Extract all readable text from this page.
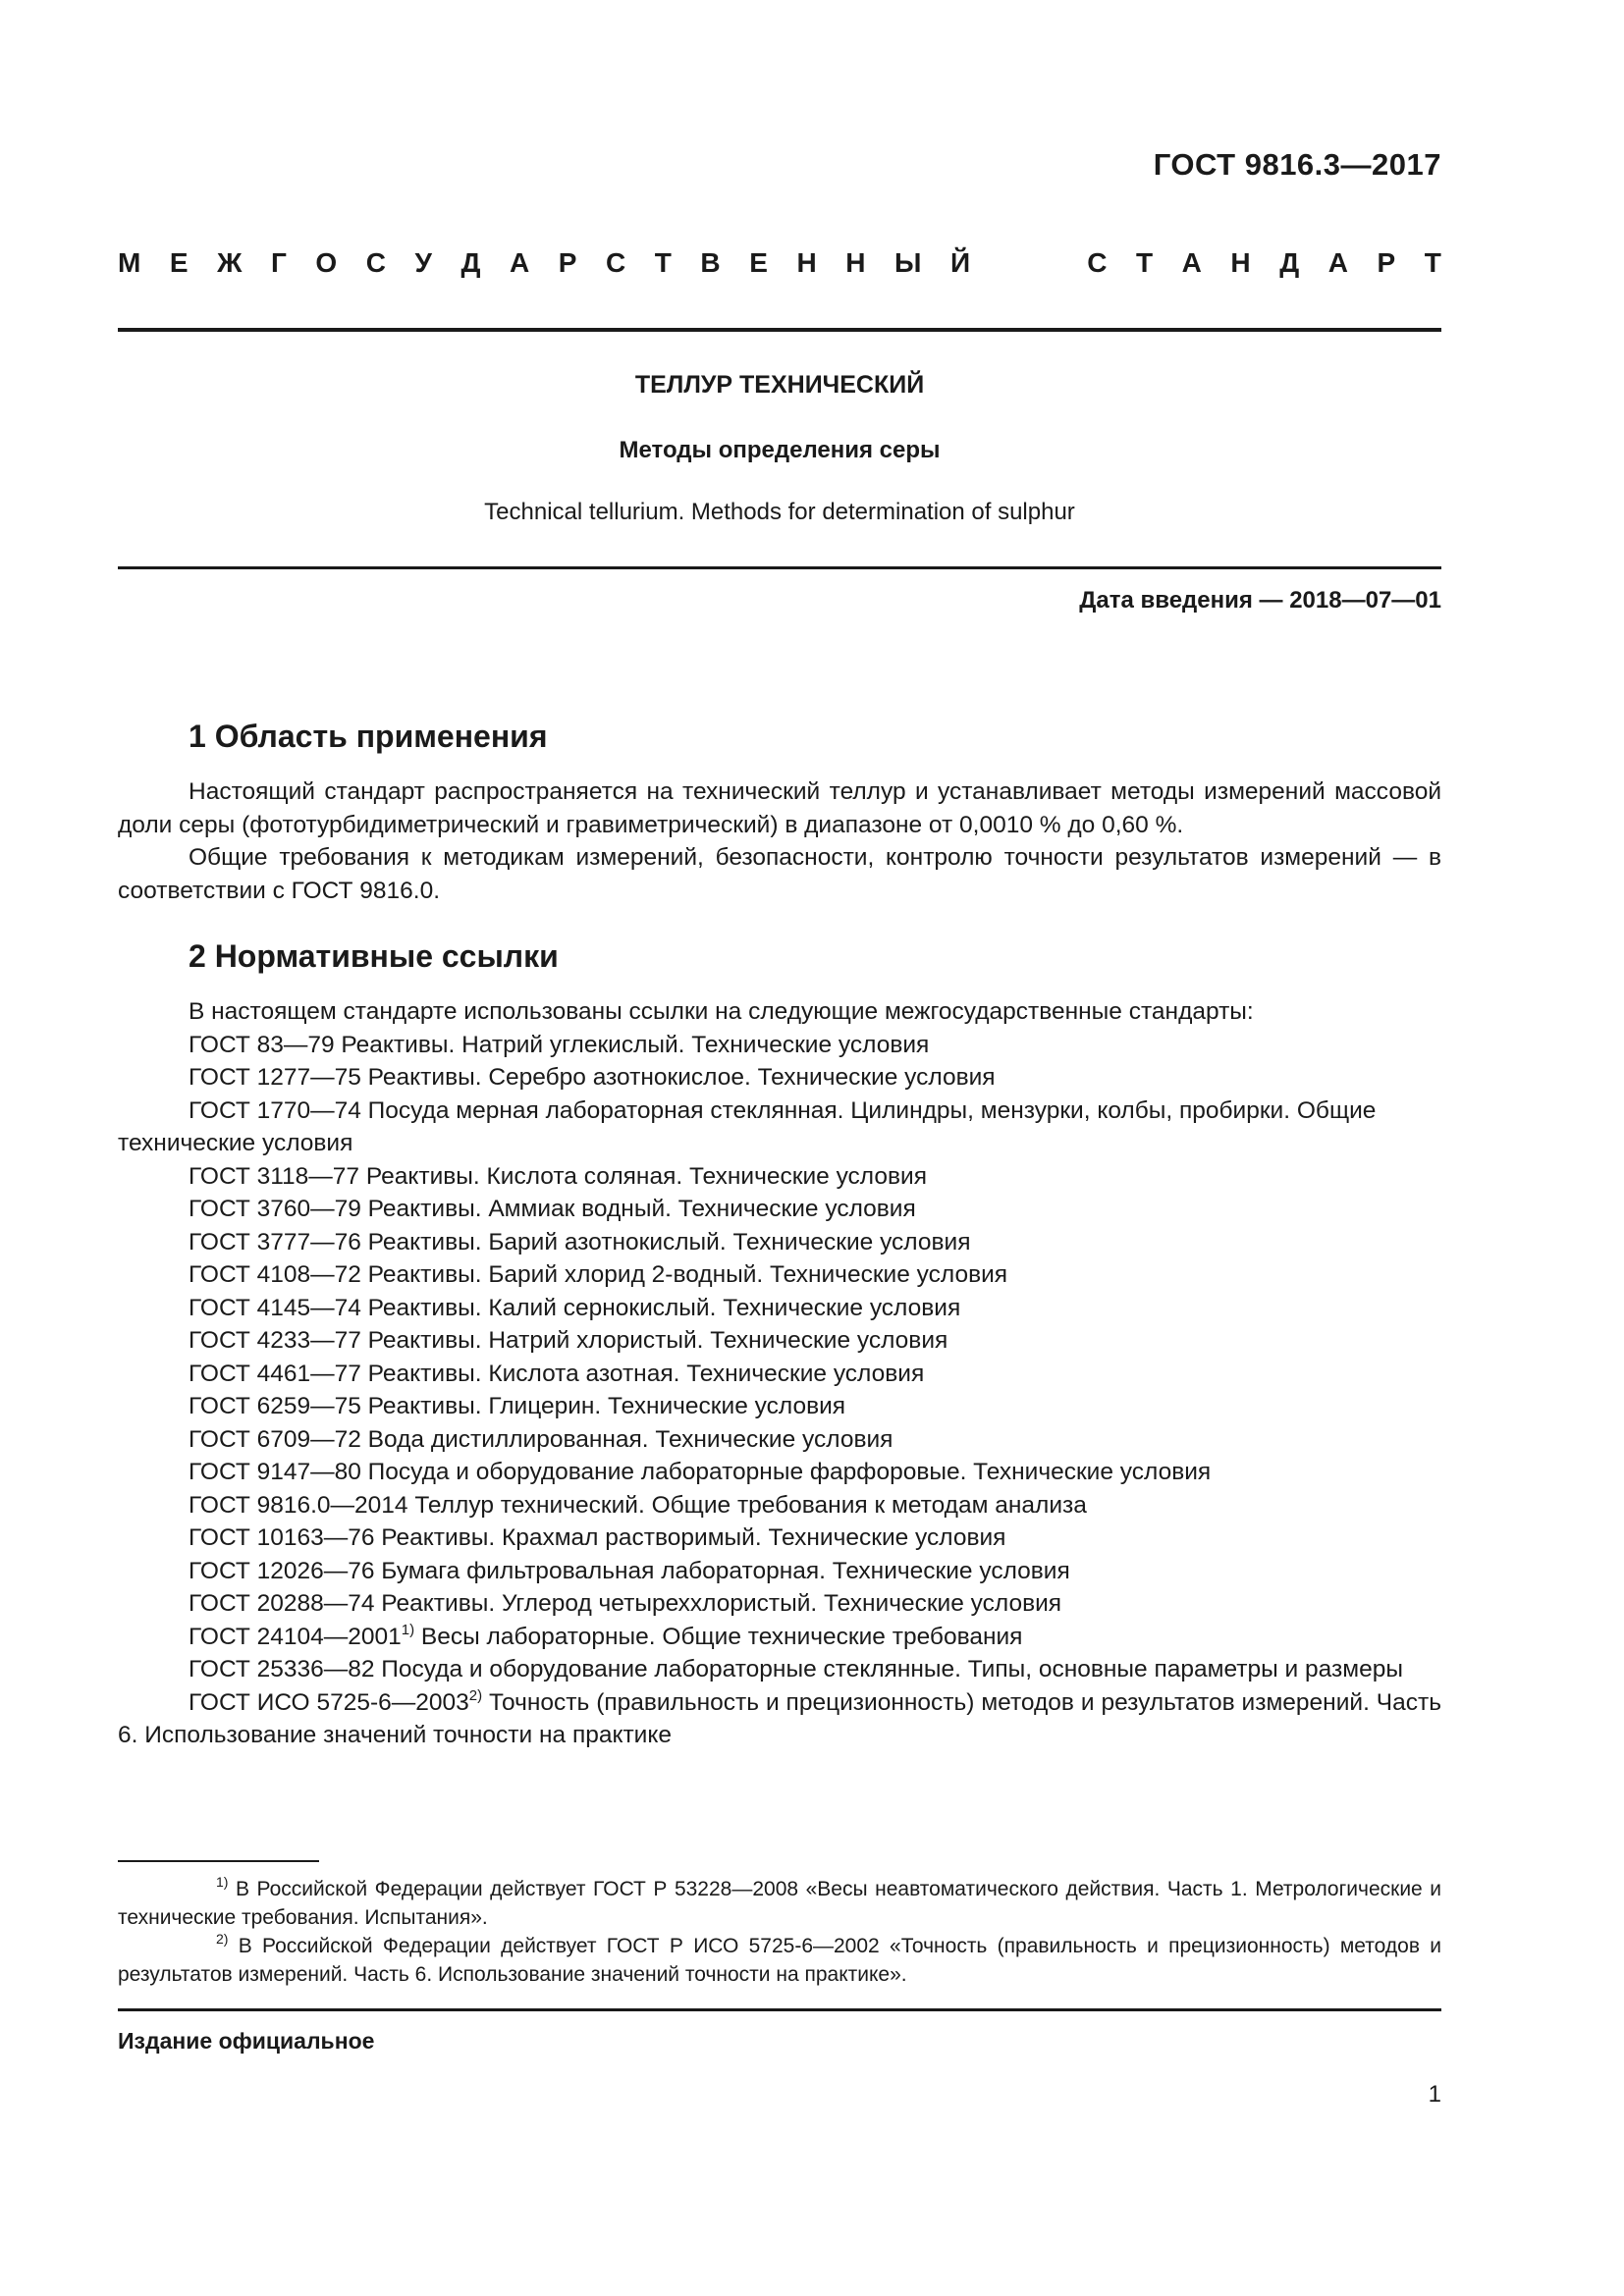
ГОСТ 9816.3—2017
М Е Ж Г О С У Д А Р С Т В Е Н Н Ы Й	С Т А Н Д А Р Т
ТЕЛЛУР ТЕХНИЧЕСКИЙ
Методы определения серы
Technical tellurium. Methods for determination of sulphur
Дата введения — 2018—07—01
1 Область применения

Настоящий стандарт распространяется на технический теллур и устанавливает методы измерений массовой доли серы (фототурбидиметрический и гравиметрический) в диапазоне от 0,0010 % до 0,60 %.

Общие требования к методикам измерений, безопасности, контролю точности результатов измерений — в соответствии с ГОСТ 9816.0.

2 Нормативные ссылки

В настоящем стандарте использованы ссылки на следующие межгосударственные стандарты:

ГОСТ 83—79 Реактивы. Натрий углекислый. Технические условия
ГОСТ 1277—75 Реактивы. Серебро азотнокислое. Технические условия
ГОСТ 1770—74 Посуда мерная лабораторная стеклянная. Цилиндры, мензурки, колбы, пробирки. Общие технические условия
ГОСТ 3118—77 Реактивы. Кислота соляная. Технические условия
ГОСТ 3760—79 Реактивы. Аммиак водный. Технические условия
ГОСТ 3777—76 Реактивы. Барий азотнокислый. Технические условия
ГОСТ 4108—72 Реактивы. Барий хлорид 2-водный. Технические условия
ГОСТ 4145—74 Реактивы. Калий сернокислый. Технические условия
ГОСТ 4233—77 Реактивы. Натрий хлористый. Технические условия
ГОСТ 4461—77 Реактивы. Кислота азотная. Технические условия
ГОСТ 6259—75 Реактивы. Глицерин. Технические условия
ГОСТ 6709—72 Вода дистиллированная. Технические условия
ГОСТ 9147—80 Посуда и оборудование лабораторные фарфоровые. Технические условия
ГОСТ 9816.0—2014 Теллур технический. Общие требования к методам анализа
ГОСТ 10163—76 Реактивы. Крахмал растворимый. Технические условия
ГОСТ 12026—76 Бумага фильтровальная лабораторная. Технические условия
ГОСТ 20288—74 Реактивы. Углерод четыреххлористый. Технические условия
ГОСТ 24104—2001$^{1)}$ Весы лабораторные. Общие технические требования
ГОСТ 25336—82 Посуда и оборудование лабораторные стеклянные. Типы, основные параметры и размеры
ГОСТ ИСО 5725-6—2003$^{2)}$ Точность (правильность и прецизионность) методов и результатов измерений. Часть 6. Использование значений точности на практике

$^{1)}$ В Российской Федерации действует ГОСТ Р 53228—2008 «Весы неавтоматического действия. Часть 1. Метрологические и технические требования. Испытания».

$^{2)}$ В Российской Федерации действует ГОСТ Р ИСО 5725-6—2002 «Точность (правильность и прецизионность) методов и результатов измерений. Часть 6. Использование значений точности на практике».

Издание официальное
1
